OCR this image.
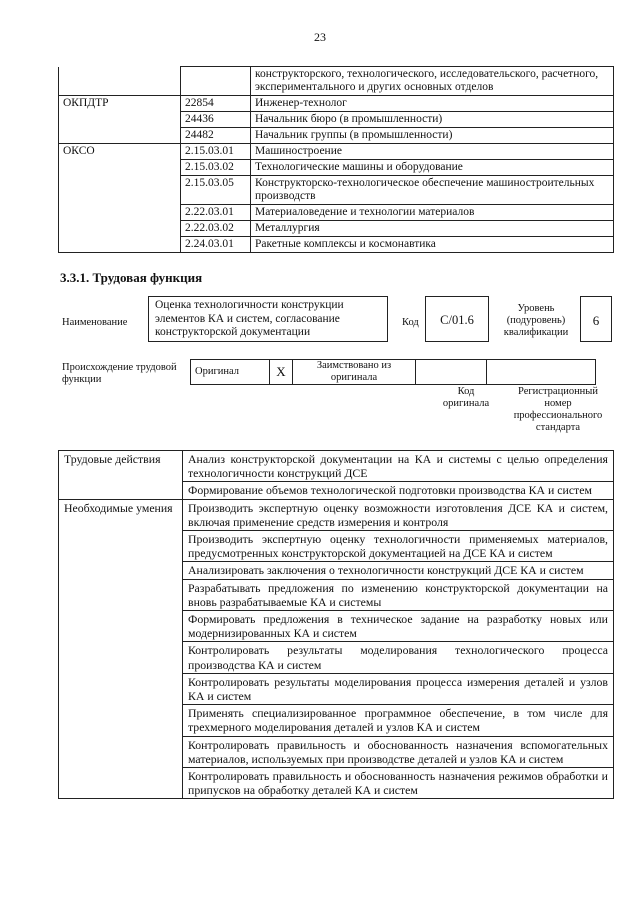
23
		конструкторского, технологического, исследовательского, расчетного, экспериментального и других основных отделов
ОКПДТР	22854	Инженер-технолог
	24436	Начальник бюро (в промышленности)
	24482	Начальник группы (в промышленности)
ОКСО	2.15.03.01	Машиностроение
	2.15.03.02	Технологические машины и оборудование
	2.15.03.05	Конструкторско-технологическое обеспечение машиностроительных производств
	2.22.03.01	Материаловедение и технологии материалов
	2.22.03.02	Металлургия
	2.24.03.01	Ракетные комплексы и космонавтика
3.3.1. Трудовая функция
Наименование
Оценка технологичности конструкции элементов КА и систем, согласование конструкторской документации
Код	C/01.6
Уровень (подуровень) квалификации
6
Происхождение трудовой функции
Оригинал	X	Заимствовано из оригинала		
Код оригинала
Регистрационный номер профессионального стандарта
Трудовые действия	Анализ конструкторской документации на КА и системы с целью определения технологичности конструкций ДСЕ
	Формирование объемов технологической подготовки производства КА и систем
Необходимые умения	Производить экспертную оценку возможности изготовления ДСЕ КА и систем, включая применение средств измерения и контроля
	Производить экспертную оценку технологичности применяемых материалов, предусмотренных конструкторской документацией на ДСЕ КА и систем
	Анализировать заключения о технологичности конструкций ДСЕ КА и систем
	Разрабатывать предложения по изменению конструкторской документации на вновь разрабатываемые КА и системы
	Формировать предложения в техническое задание на разработку новых или модернизированных КА и систем
	Контролировать результаты моделирования технологического процесса производства КА и систем
	Контролировать результаты моделирования процесса измерения деталей и узлов КА и систем
	Применять специализированное программное обеспечение, в том числе для трехмерного моделирования деталей и узлов КА и систем
	Контролировать правильность и обоснованность назначения вспомогательных материалов, используемых при производстве деталей и узлов КА и систем
	Контролировать правильность и обоснованность назначения режимов обработки и припусков на обработку деталей КА и систем
